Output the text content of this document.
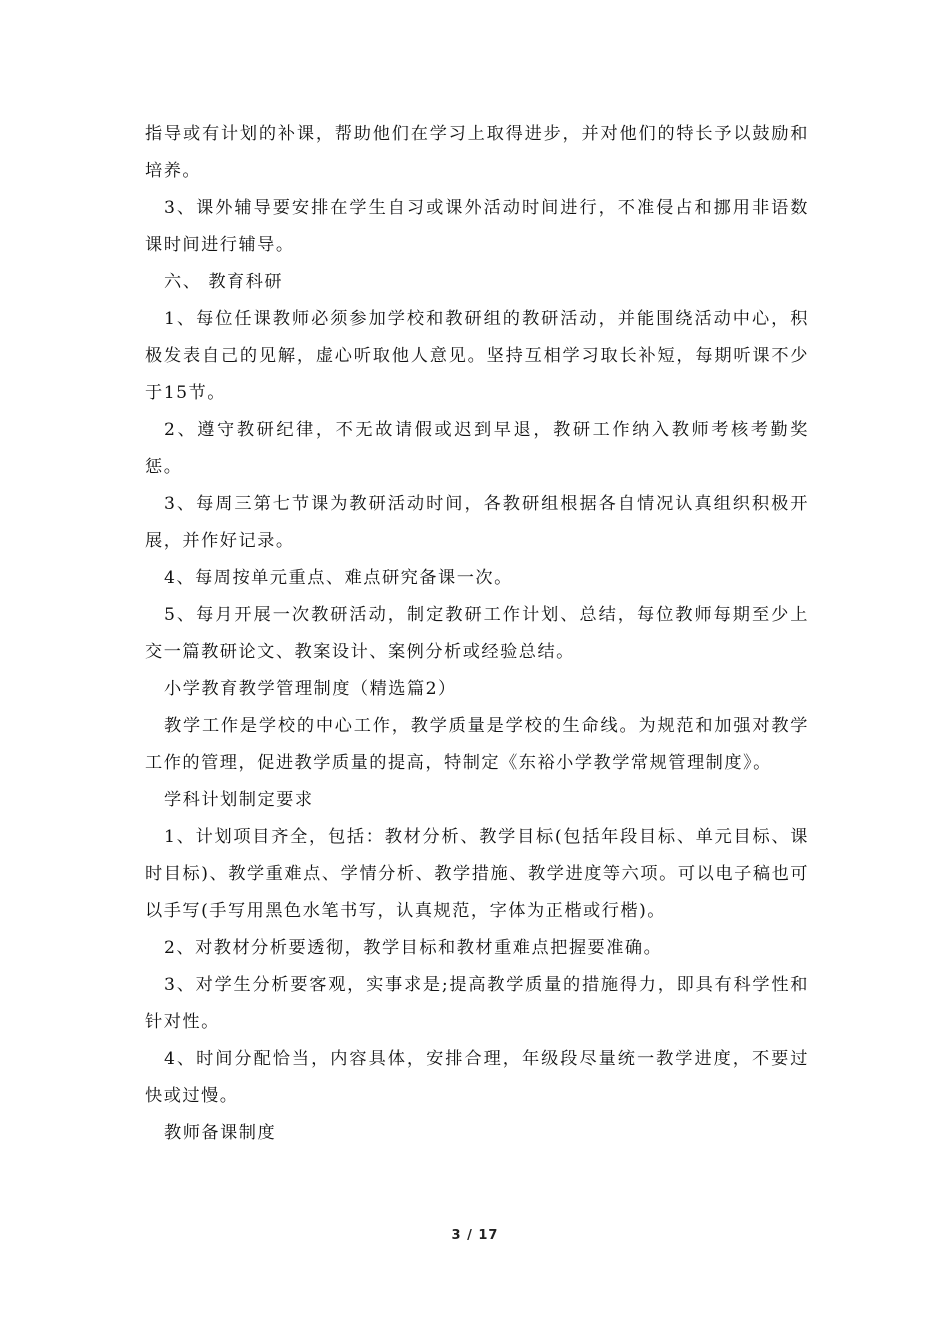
指导或有计划的补课，帮助他们在学习上取得进步，并对他们的特长予以鼓励和培养。

3、课外辅导要安排在学生自习或课外活动时间进行，不准侵占和挪用非语数课时间进行辅导。

六、 教育科研

1、每位任课教师必须参加学校和教研组的教研活动，并能围绕活动中心，积极发表自己的见解，虚心听取他人意见。坚持互相学习取长补短，每期听课不少于15节。

2、遵守教研纪律，不无故请假或迟到早退，教研工作纳入教师考核考勤奖惩。

3、每周三第七节课为教研活动时间，各教研组根据各自情况认真组织积极开展，并作好记录。

4、每周按单元重点、难点研究备课一次。

5、每月开展一次教研活动，制定教研工作计划、总结，每位教师每期至少上交一篇教研论文、教案设计、案例分析或经验总结。

小学教育教学管理制度（精选篇2）

教学工作是学校的中心工作，教学质量是学校的生命线。为规范和加强对教学工作的管理，促进教学质量的提高，特制定《东裕小学教学常规管理制度》。

学科计划制定要求

1、计划项目齐全，包括：教材分析、教学目标(包括年段目标、单元目标、课时目标)、教学重难点、学情分析、教学措施、教学进度等六项。可以电子稿也可以手写(手写用黑色水笔书写，认真规范，字体为正楷或行楷)。

2、对教材分析要透彻，教学目标和教材重难点把握要准确。

3、对学生分析要客观，实事求是;提高教学质量的措施得力，即具有科学性和针对性。

4、时间分配恰当，内容具体，安排合理，年级段尽量统一教学进度，不要过快或过慢。

教师备课制度

3 / 17
